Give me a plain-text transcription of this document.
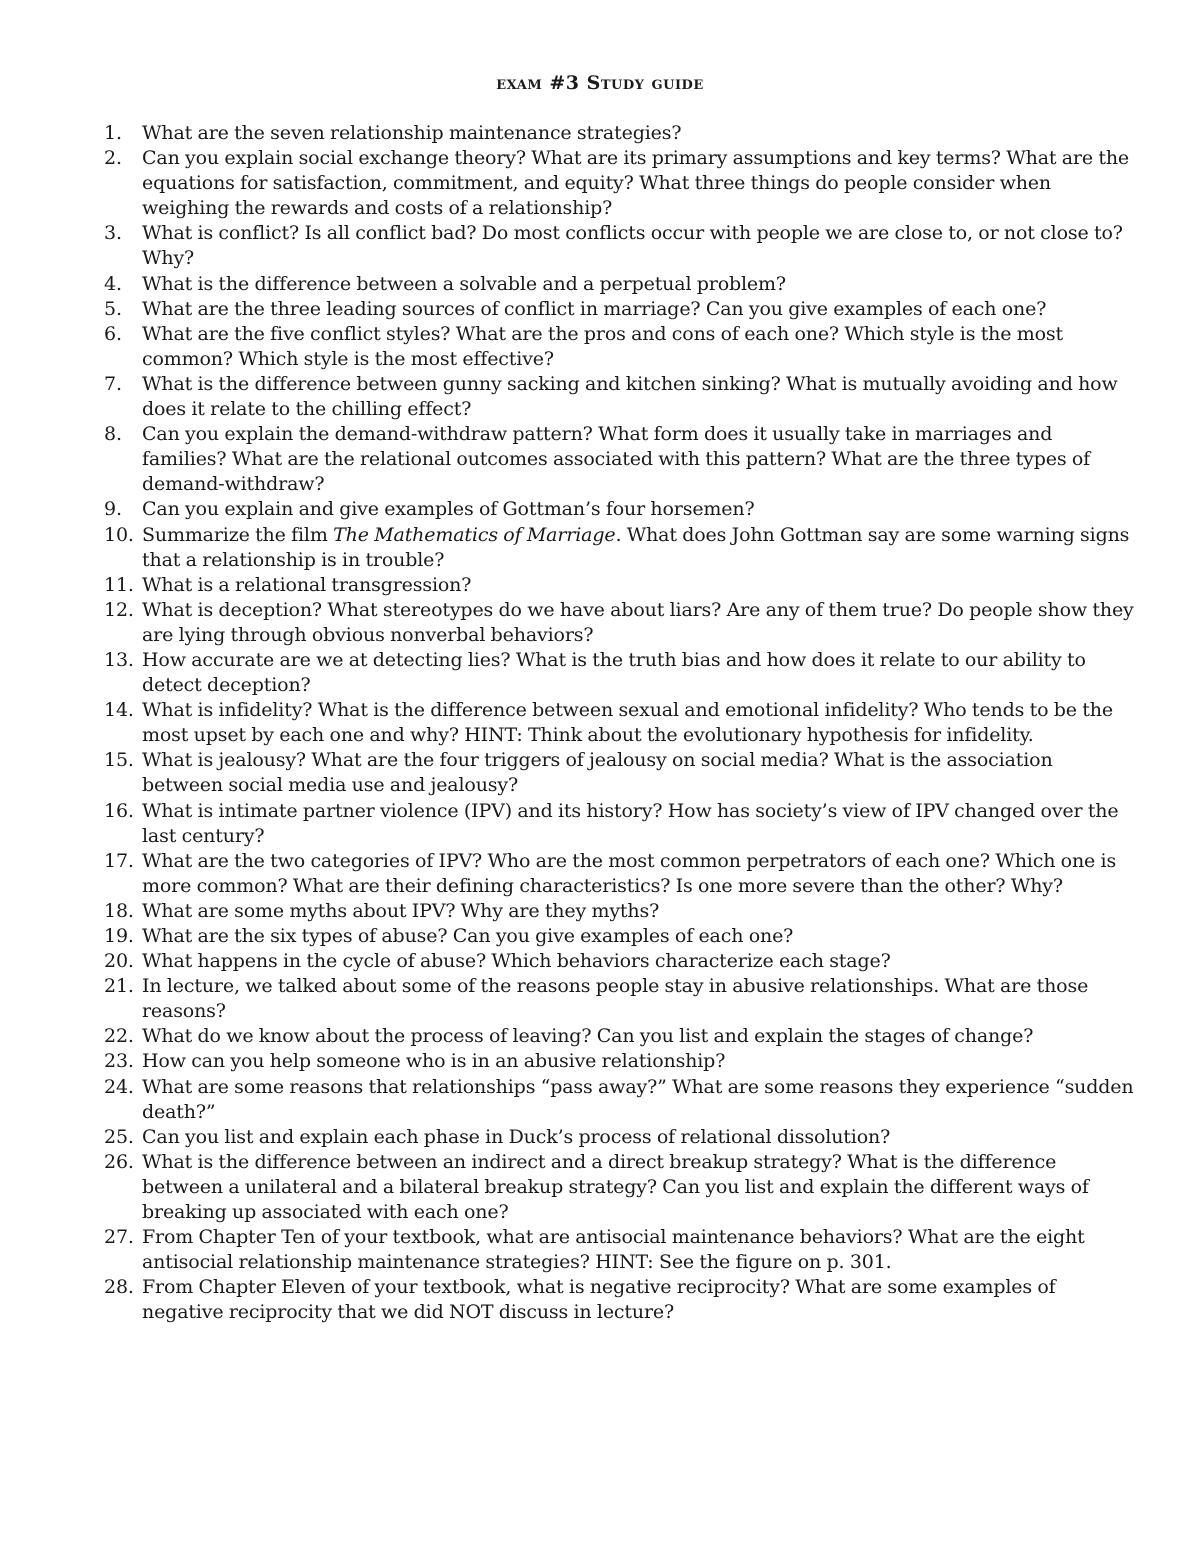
exam #3 Study guide
1. What are the seven relationship maintenance strategies?
2. Can you explain social exchange theory? What are its primary assumptions and key terms? What are the equations for satisfaction, commitment, and equity? What three things do people consider when weighing the rewards and costs of a relationship?
3. What is conflict? Is all conflict bad? Do most conflicts occur with people we are close to, or not close to? Why?
4. What is the difference between a solvable and a perpetual problem?
5. What are the three leading sources of conflict in marriage? Can you give examples of each one?
6. What are the five conflict styles? What are the pros and cons of each one? Which style is the most common? Which style is the most effective?
7. What is the difference between gunny sacking and kitchen sinking? What is mutually avoiding and how does it relate to the chilling effect?
8. Can you explain the demand-withdraw pattern? What form does it usually take in marriages and families? What are the relational outcomes associated with this pattern? What are the three types of demand-withdraw?
9. Can you explain and give examples of Gottman’s four horsemen?
10. Summarize the film The Mathematics of Marriage. What does John Gottman say are some warning signs that a relationship is in trouble?
11. What is a relational transgression?
12. What is deception? What stereotypes do we have about liars? Are any of them true? Do people show they are lying through obvious nonverbal behaviors?
13. How accurate are we at detecting lies? What is the truth bias and how does it relate to our ability to detect deception?
14. What is infidelity? What is the difference between sexual and emotional infidelity? Who tends to be the most upset by each one and why? HINT: Think about the evolutionary hypothesis for infidelity.
15. What is jealousy? What are the four triggers of jealousy on social media? What is the association between social media use and jealousy?
16. What is intimate partner violence (IPV) and its history? How has society’s view of IPV changed over the last century?
17. What are the two categories of IPV? Who are the most common perpetrators of each one? Which one is more common? What are their defining characteristics? Is one more severe than the other? Why?
18. What are some myths about IPV? Why are they myths?
19. What are the six types of abuse? Can you give examples of each one?
20. What happens in the cycle of abuse? Which behaviors characterize each stage?
21. In lecture, we talked about some of the reasons people stay in abusive relationships. What are those reasons?
22. What do we know about the process of leaving? Can you list and explain the stages of change?
23. How can you help someone who is in an abusive relationship?
24. What are some reasons that relationships “pass away?” What are some reasons they experience “sudden death?”
25. Can you list and explain each phase in Duck’s process of relational dissolution?
26. What is the difference between an indirect and a direct breakup strategy? What is the difference between a unilateral and a bilateral breakup strategy? Can you list and explain the different ways of breaking up associated with each one?
27. From Chapter Ten of your textbook, what are antisocial maintenance behaviors? What are the eight antisocial relationship maintenance strategies? HINT: See the figure on p. 301.
28. From Chapter Eleven of your textbook, what is negative reciprocity? What are some examples of negative reciprocity that we did NOT discuss in lecture?
